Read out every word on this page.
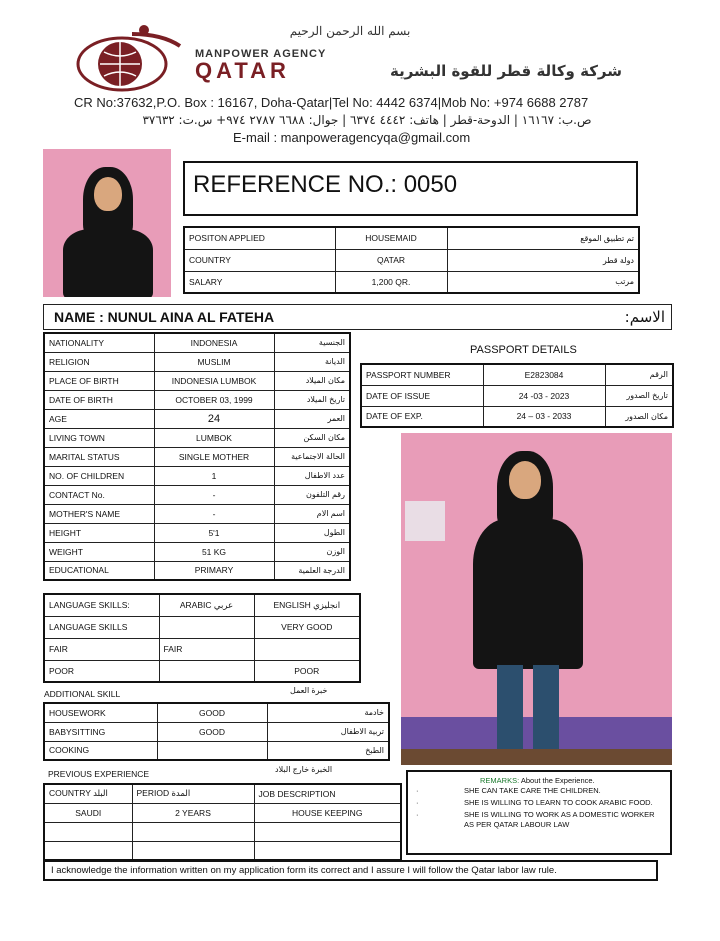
بسم الله الرحمن الرحيم
MANPOWER AGENCY
QATAR	شركة وكالة قطر للقوة البشرية
CR No:37632,P.O. Box : 16167, Doha-Qatar|Tel No: 4442 6374|Mob No: +974 6688 2787
ص.ب: ١٦١٦٧ | الدوحة-قطر | هاتف: ٤٤٤٢ ٦٣٧٤ | جوال: ٦٦٨٨ ٢٧٨٧ ٩٧٤+ س.ت: ٣٧٦٣٢
E-mail : manpoweragencyqa@gmail.com
REFERENCE NO.: 0050
POSITON APPLIED	HOUSEMAID	تم تطبيق الموقع
COUNTRY	QATAR	دولة قطر
SALARY	1,200 QR.	مرتب
NAME : NUNUL AINA AL FATEHA	الاسم:
NATIONALITY	INDONESIA	الجنسية
RELIGION	MUSLIM	الديانة
PLACE OF BIRTH	INDONESIA LUMBOK	مكان الميلاد
DATE OF BIRTH	OCTOBER 03, 1999	تاريخ الميلاد
AGE	24	العمر
LIVING TOWN	LUMBOK	مكان السكن
MARITAL STATUS	SINGLE MOTHER	الحالة الاجتماعية
NO. OF CHILDREN	1	عدد الاطفال
CONTACT No.	-	رقم التلفون
MOTHER'S NAME	-	اسم الام
HEIGHT	5'1	الطول
WEIGHT	51 KG	الوزن
EDUCATIONAL	PRIMARY	الدرجة العلمية
PASSPORT DETAILS
PASSPORT NUMBER	E2823084	الرقم
DATE OF ISSUE	24 -03 - 2023	تاريخ الصدور
DATE OF EXP.	24 – 03 - 2033	مكان الصدور
LANGUAGE SKILLS:	ARABIC عربي	ENGLISH انجليزي
LANGUAGE SKILLS		VERY GOOD
FAIR	FAIR	
POOR		POOR
ADDITIONAL SKILL	خبرة العمل
HOUSEWORK	GOOD	خادمة
BABYSITTING	GOOD	تربية الاطفال
COOKING		الطبخ
PREVIOUS EXPERIENCE	الخبرة خارج البلاد
COUNTRY البلد	PERIOD المدة	JOB DESCRIPTION
SAUDI	2 YEARS	HOUSE KEEPING

REMARKS: About the Experience.
·	SHE CAN TAKE CARE THE CHILDREN.
·	SHE IS WILLING TO LEARN TO COOK ARABIC FOOD.
·	SHE IS WILLING TO WORK AS A DOMESTIC WORKER AS PER QATAR LABOUR LAW
I acknowledge the information written on my application form its correct and I assure I will follow the Qatar labor law rule.
